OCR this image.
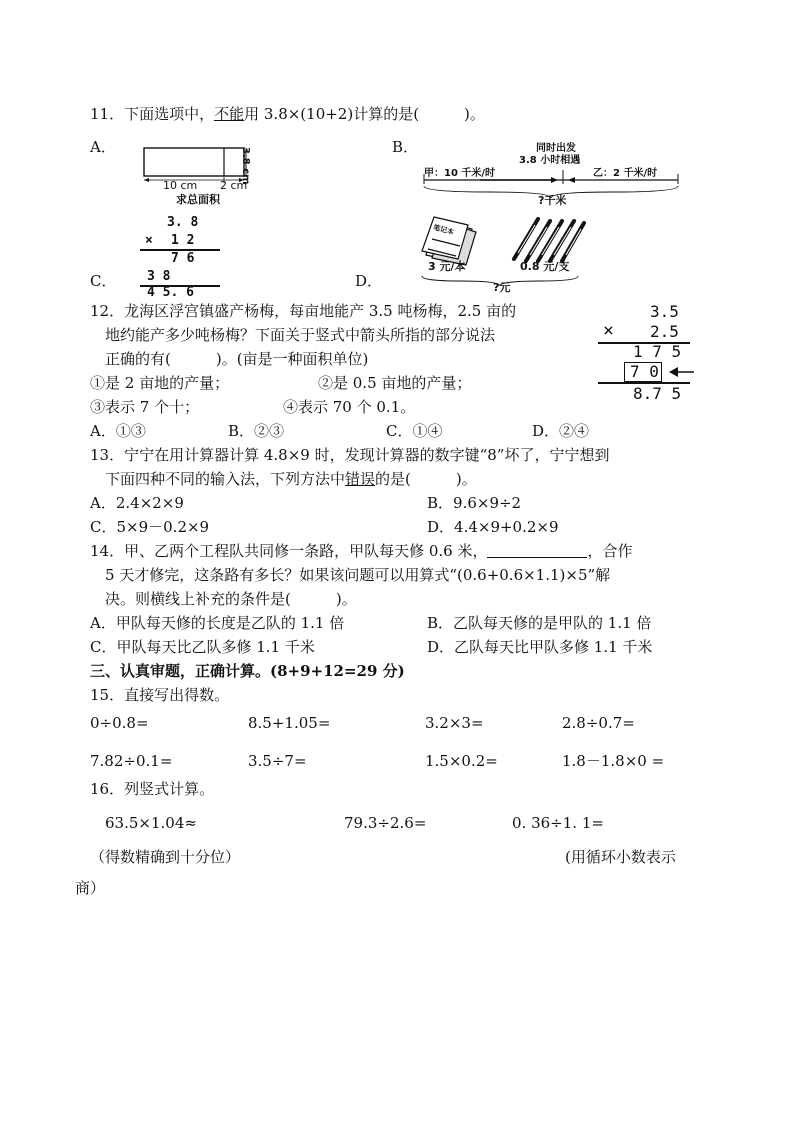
11．下面选项中，不能用 3.8×(10+2)计算的是(　　　)。
A．	3.8 cm
10 cm 2 cm
求总面积
B．	同时出发
3.8 小时相遇
甲：10 千米/时	乙：2 千米/时
?千米
3. 8
× 1 2
7 6
3 8
4 5. 6
C．	D．
笔记本
3 元/本	0.8 元/支
?元
12．龙海区浮宫镇盛产杨梅，每亩地能产 3.5 吨杨梅，2.5 亩的
地约能产多少吨杨梅？下面关于竖式中箭头所指的部分说法
正确的有(　　　)。(亩是一种面积单位)
①是 2 亩地的产量；	②是 0.5 亩地的产量；
③表示 7 个十；	④表示 70 个 0.1。
A．①③	B．②③	C．①④	D．②④
3.5
× 2.5
1 7 5
7 0
8.7 5
13．宁宁在用计算器计算 4.8×9 时，发现计算器的数字键“8”坏了，宁宁想到
下面四种不同的输入法，下列方法中错误的是(　　　)。
A．2.4×2×9	B．9.6×9÷2
C．5×9－0.2×9	D．4.4×9+0.2×9
14．甲、乙两个工程队共同修一条路，甲队每天修 0.6 米，	，合作
5 天才修完，这条路有多长？如果该问题可以用算式“(0.6+0.6×1.1)×5”解
决。则横线上补充的条件是(　　　)。
A．甲队每天修的长度是乙队的 1.1 倍	B．乙队每天修的是甲队的 1.1 倍
C．甲队每天比乙队多修 1.1 千米	D．乙队每天比甲队多修 1.1 千米
三、认真审题，正确计算。(8+9+12=29 分)
15．直接写出得数。
0÷0.8=	8.5+1.05=	3.2×3=	2.8÷0.7=
7.82÷0.1=	3.5÷7=	1.5×0.2=	1.8－1.8×0 =
16．列竖式计算。
63.5×1.04≈	79.3÷2.6=	0. 36÷1. 1=
（得数精确到十分位）	(用循环小数表示
商）
